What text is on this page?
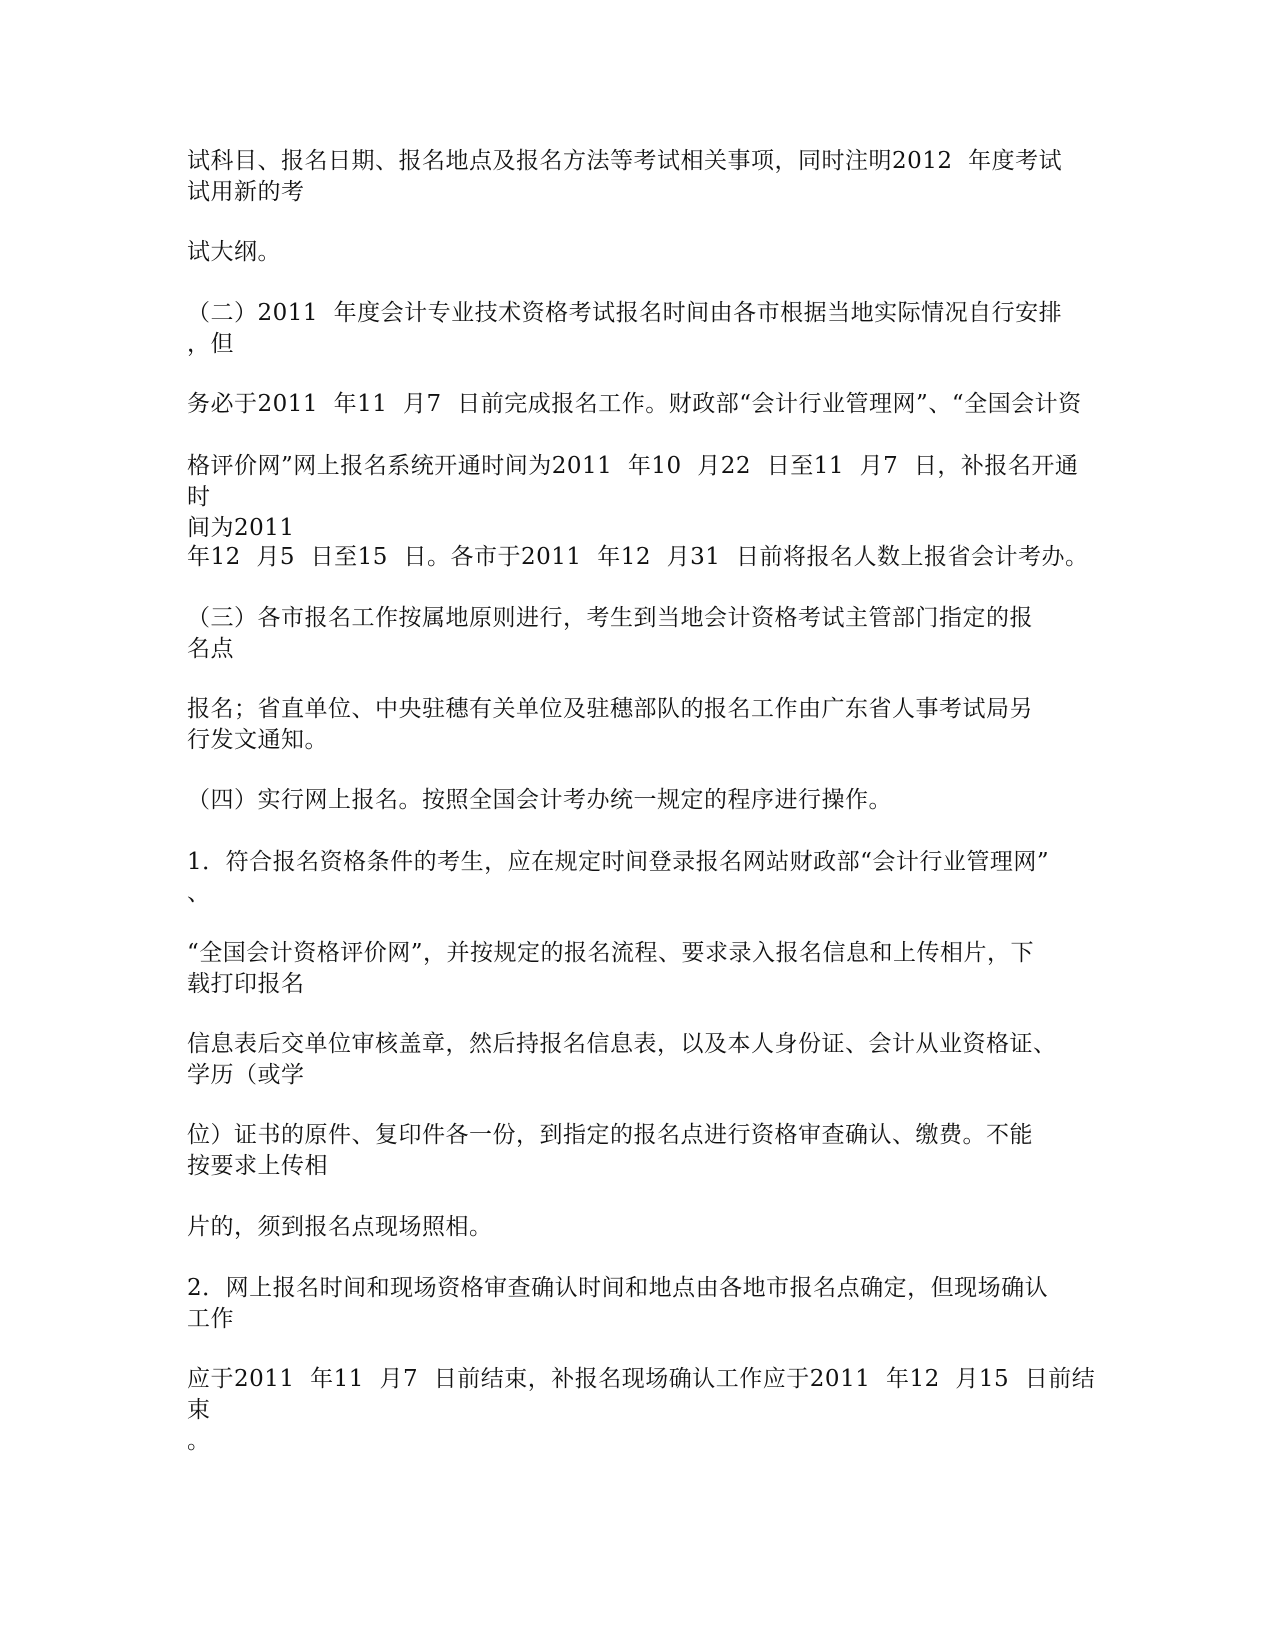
试科目、报名日期、报名地点及报名方法等考试相关事项，同时注明2012  年度考试
试用新的考
试大纲。
（二）2011  年度会计专业技术资格考试报名时间由各市根据当地实际情况自行安排
，但
务必于2011  年11  月7  日前完成报名工作。财政部“会计行业管理网”、“全国会计资
格评价网”网上报名系统开通时间为2011  年10  月22  日至11  月7  日，补报名开通时
间为2011
年12  月5  日至15  日。各市于2011  年12  月31  日前将报名人数上报省会计考办。
（三）各市报名工作按属地原则进行，考生到当地会计资格考试主管部门指定的报
名点
报名；省直单位、中央驻穗有关单位及驻穗部队的报名工作由广东省人事考试局另
行发文通知。
（四）实行网上报名。按照全国会计考办统一规定的程序进行操作。
1．符合报名资格条件的考生，应在规定时间登录报名网站财政部“会计行业管理网”
、
“全国会计资格评价网”，并按规定的报名流程、要求录入报名信息和上传相片，下
载打印报名
信息表后交单位审核盖章，然后持报名信息表，以及本人身份证、会计从业资格证、
学历（或学
位）证书的原件、复印件各一份，到指定的报名点进行资格审查确认、缴费。不能
按要求上传相
片的，须到报名点现场照相。
2．网上报名时间和现场资格审查确认时间和地点由各地市报名点确定，但现场确认
工作
应于2011  年11  月7  日前结束，补报名现场确认工作应于2011  年12  月15  日前结束
。
